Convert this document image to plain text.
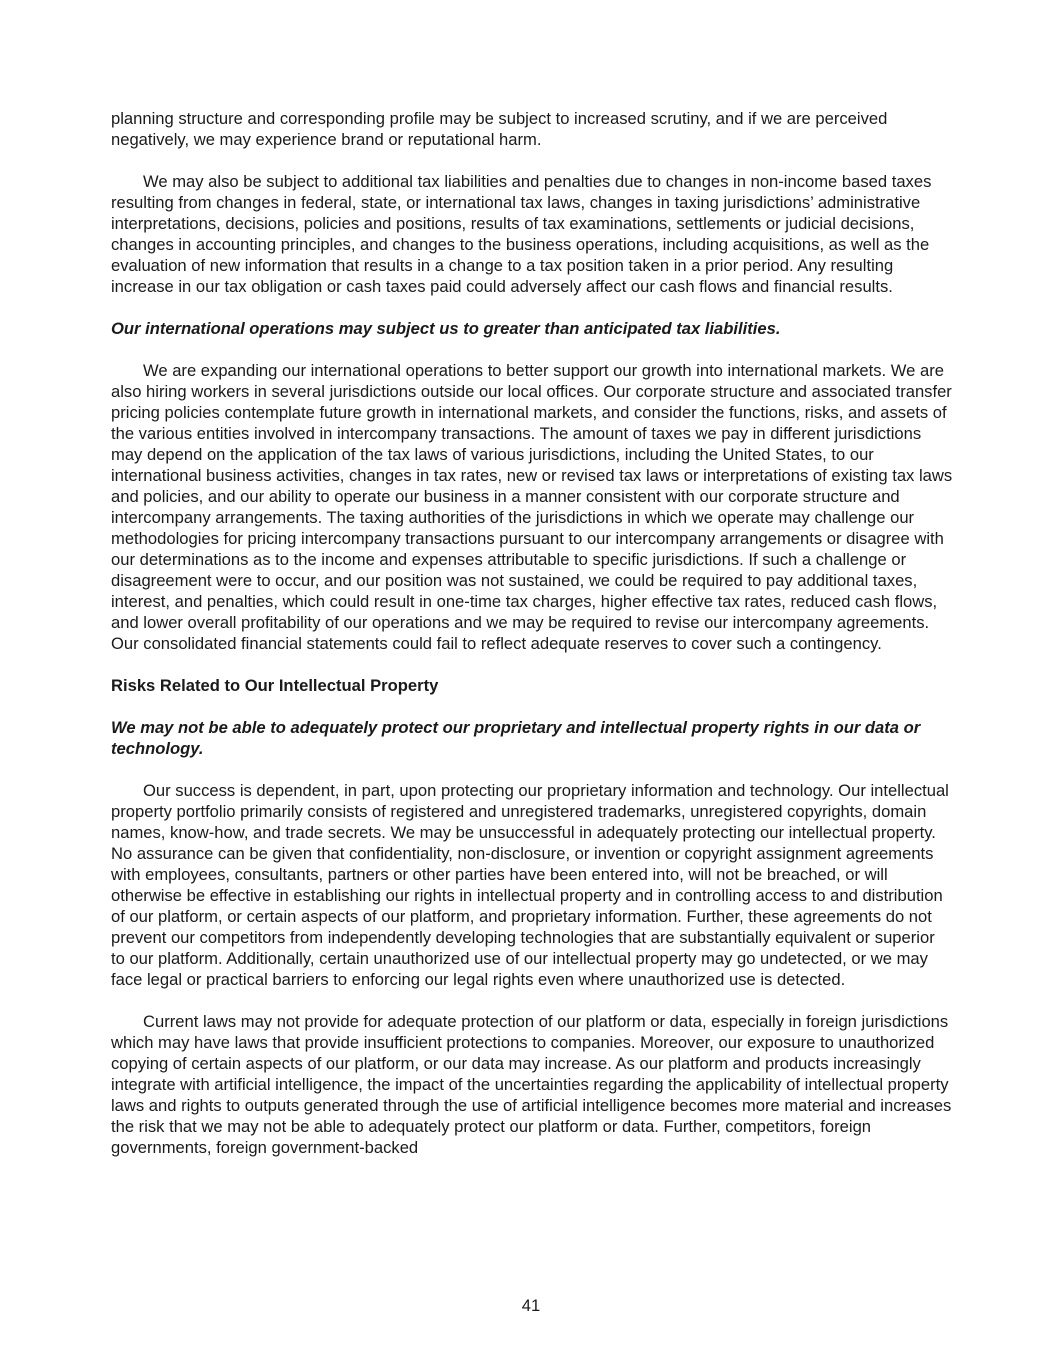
planning structure and corresponding profile may be subject to increased scrutiny, and if we are perceived negatively, we may experience brand or reputational harm.

We may also be subject to additional tax liabilities and penalties due to changes in non-income based taxes resulting from changes in federal, state, or international tax laws, changes in taxing jurisdictions’ administrative interpretations, decisions, policies and positions, results of tax examinations, settlements or judicial decisions, changes in accounting principles, and changes to the business operations, including acquisitions, as well as the evaluation of new information that results in a change to a tax position taken in a prior period. Any resulting increase in our tax obligation or cash taxes paid could adversely affect our cash flows and financial results.

Our international operations may subject us to greater than anticipated tax liabilities.

We are expanding our international operations to better support our growth into international markets. We are also hiring workers in several jurisdictions outside our local offices. Our corporate structure and associated transfer pricing policies contemplate future growth in international markets, and consider the functions, risks, and assets of the various entities involved in intercompany transactions. The amount of taxes we pay in different jurisdictions may depend on the application of the tax laws of various jurisdictions, including the United States, to our international business activities, changes in tax rates, new or revised tax laws or interpretations of existing tax laws and policies, and our ability to operate our business in a manner consistent with our corporate structure and intercompany arrangements. The taxing authorities of the jurisdictions in which we operate may challenge our methodologies for pricing intercompany transactions pursuant to our intercompany arrangements or disagree with our determinations as to the income and expenses attributable to specific jurisdictions. If such a challenge or disagreement were to occur, and our position was not sustained, we could be required to pay additional taxes, interest, and penalties, which could result in one-time tax charges, higher effective tax rates, reduced cash flows, and lower overall profitability of our operations and we may be required to revise our intercompany agreements. Our consolidated financial statements could fail to reflect adequate reserves to cover such a contingency.

Risks Related to Our Intellectual Property

We may not be able to adequately protect our proprietary and intellectual property rights in our data or technology.

Our success is dependent, in part, upon protecting our proprietary information and technology. Our intellectual property portfolio primarily consists of registered and unregistered trademarks, unregistered copyrights, domain names, know-how, and trade secrets. We may be unsuccessful in adequately protecting our intellectual property. No assurance can be given that confidentiality, non-disclosure, or invention or copyright assignment agreements with employees, consultants, partners or other parties have been entered into, will not be breached, or will otherwise be effective in establishing our rights in intellectual property and in controlling access to and distribution of our platform, or certain aspects of our platform, and proprietary information. Further, these agreements do not prevent our competitors from independently developing technologies that are substantially equivalent or superior to our platform. Additionally, certain unauthorized use of our intellectual property may go undetected, or we may face legal or practical barriers to enforcing our legal rights even where unauthorized use is detected.

Current laws may not provide for adequate protection of our platform or data, especially in foreign jurisdictions which may have laws that provide insufficient protections to companies. Moreover, our exposure to unauthorized copying of certain aspects of our platform, or our data may increase. As our platform and products increasingly integrate with artificial intelligence, the impact of the uncertainties regarding the applicability of intellectual property laws and rights to outputs generated through the use of artificial intelligence becomes more material and increases the risk that we may not be able to adequately protect our platform or data. Further, competitors, foreign governments, foreign government-backed

41
